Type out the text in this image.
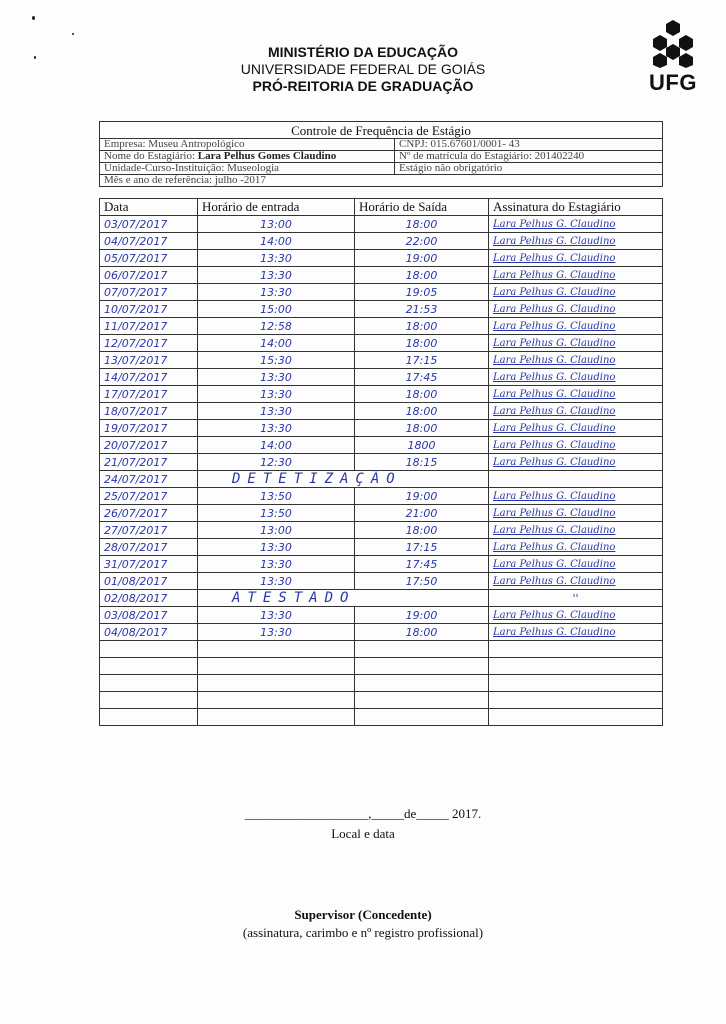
MINISTÉRIO DA EDUCAÇÃO
UNIVERSIDADE FEDERAL DE GOIÁS
PRÓ-REITORIA DE GRADUAÇÃO	UFG
Controle de Frequência de Estágio	
Empresa: Museu Antropológico	CNPJ: 015.67601/0001- 43
Nome do Estagiário: Lara Pelhus Gomes Claudino	Nº de matrícula do Estagiário: 201402240
Unidade-Curso-Instituição: Museologia	Estágio não obrigatório
Mês e ano de referência: julho -2017	
Data	Horário de entrada	Horário de Saída	Assinatura do Estagiário
03/07/2017	13:00	18:00	Lara Pelhus G. Claudino
04/07/2017	14:00	22:00	Lara Pelhus G. Claudino
05/07/2017	13:30	19:00	Lara Pelhus G. Claudino
06/07/2017	13:30	18:00	Lara Pelhus G. Claudino
07/07/2017	13:30	19:05	Lara Pelhus G. Claudino
10/07/2017	15:00	21:53	Lara Pelhus G. Claudino
11/07/2017	12:58	18:00	Lara Pelhus G. Claudino
12/07/2017	14:00	18:00	Lara Pelhus G. Claudino
13/07/2017	15:30	17:15	Lara Pelhus G. Claudino
14/07/2017	13:30	17:45	Lara Pelhus G. Claudino
17/07/2017	13:30	18:00	Lara Pelhus G. Claudino
18/07/2017	13:30	18:00	Lara Pelhus G. Claudino
19/07/2017	13:30	18:00	Lara Pelhus G. Claudino
20/07/2017	14:00	1800	Lara Pelhus G. Claudino
21/07/2017	12:30	18:15	Lara Pelhus G. Claudino
24/07/2017	DETETIZAÇÃO		
25/07/2017	13:50	19:00	Lara Pelhus G. Claudino
26/07/2017	13:50	21:00	Lara Pelhus G. Claudino
27/07/2017	13:00	18:00	Lara Pelhus G. Claudino
28/07/2017	13:30	17:15	Lara Pelhus G. Claudino
31/07/2017	13:30	17:45	Lara Pelhus G. Claudino
01/08/2017	13:30	17:50	Lara Pelhus G. Claudino
02/08/2017	ATESTADO		''
03/08/2017	13:30	19:00	Lara Pelhus G. Claudino
04/08/2017	13:30	18:00	Lara Pelhus G. Claudino

___________________,_____de_____ 2017.
Local e data
Supervisor (Concedente)
(assinatura, carimbo e nº registro profissional)
